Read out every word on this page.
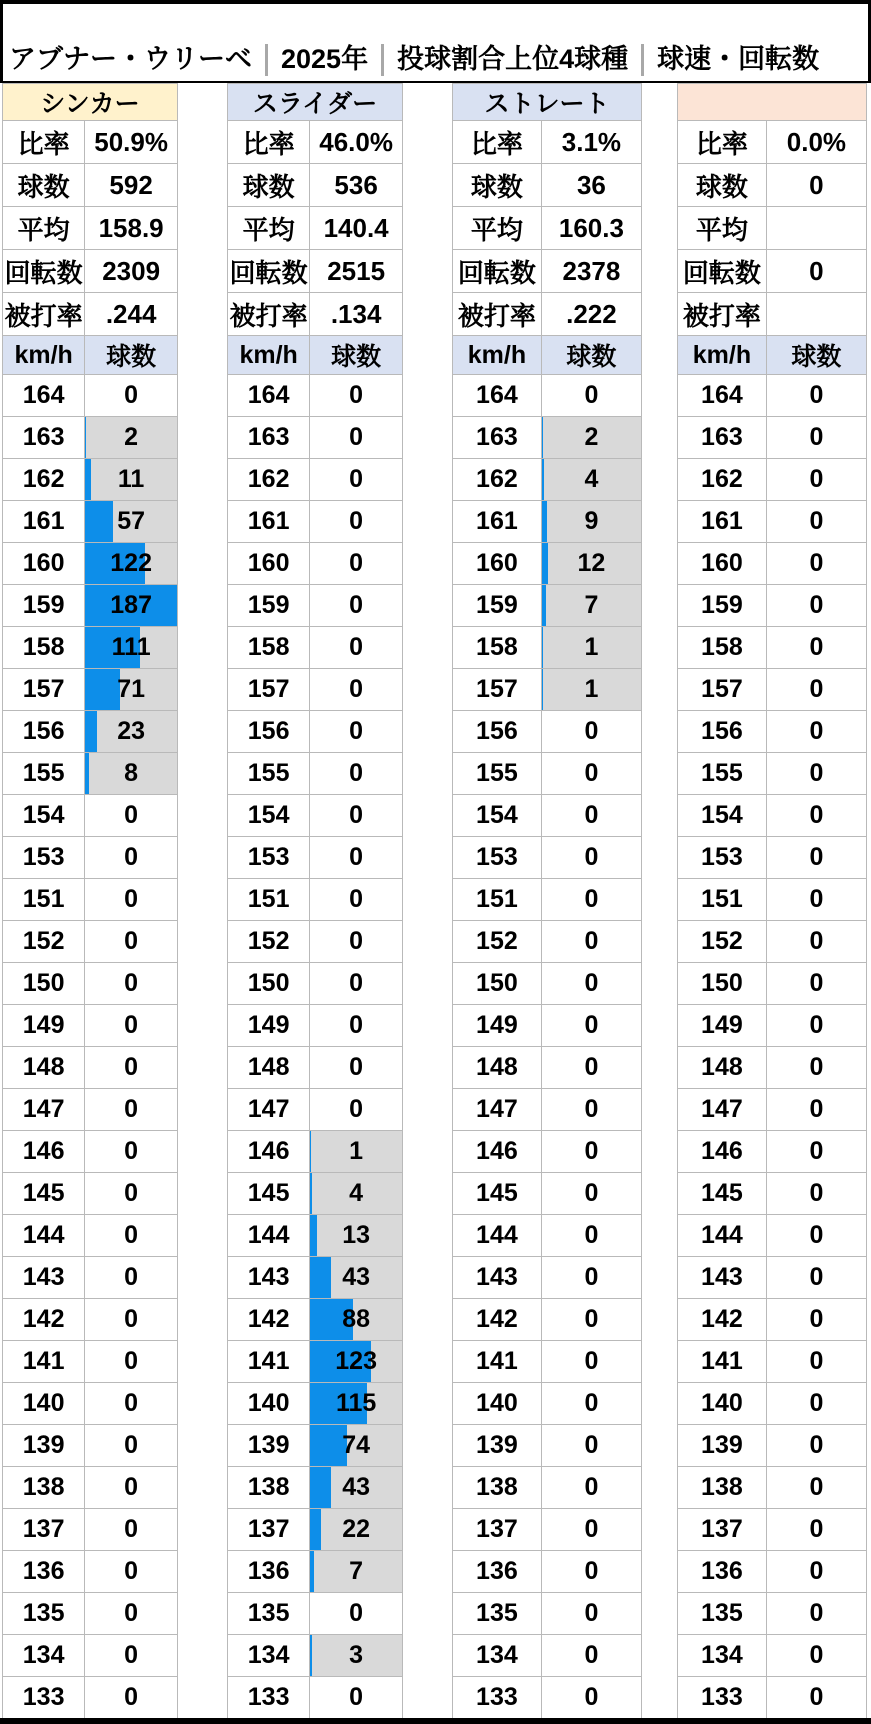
アブナー・ウリーベ 2025年 投球割合上位4球種 球速・回転数
シンカー	
比率	50.9%
球数	592
平均	158.9
回転数	2309
被打率	.244
km/h	球数
164	0
163	2
162	11
161	57
160	122
159	187
158	111
157	71
156	23
155	8
154	0
153	0
151	0
152	0
150	0
149	0
148	0
147	0
146	0
145	0
144	0
143	0
142	0
141	0
140	0
139	0
138	0
137	0
136	0
135	0
134	0
133	0
スライダー	
比率	46.0%
球数	536
平均	140.4
回転数	2515
被打率	.134
km/h	球数
164	0
163	0
162	0
161	0
160	0
159	0
158	0
157	0
156	0
155	0
154	0
153	0
151	0
152	0
150	0
149	0
148	0
147	0
146	1
145	4
144	13
143	43
142	88
141	123
140	115
139	74
138	43
137	22
136	7
135	0
134	3
133	0
ストレート	
比率	3.1%
球数	36
平均	160.3
回転数	2378
被打率	.222
km/h	球数
164	0
163	2
162	4
161	9
160	12
159	7
158	1
157	1
156	0
155	0
154	0
153	0
151	0
152	0
150	0
149	0
148	0
147	0
146	0
145	0
144	0
143	0
142	0
141	0
140	0
139	0
138	0
137	0
136	0
135	0
134	0
133	0

比率	0.0%
球数	0
平均	
回転数	0
被打率	
km/h	球数
164	0
163	0
162	0
161	0
160	0
159	0
158	0
157	0
156	0
155	0
154	0
153	0
151	0
152	0
150	0
149	0
148	0
147	0
146	0
145	0
144	0
143	0
142	0
141	0
140	0
139	0
138	0
137	0
136	0
135	0
134	0
133	0
